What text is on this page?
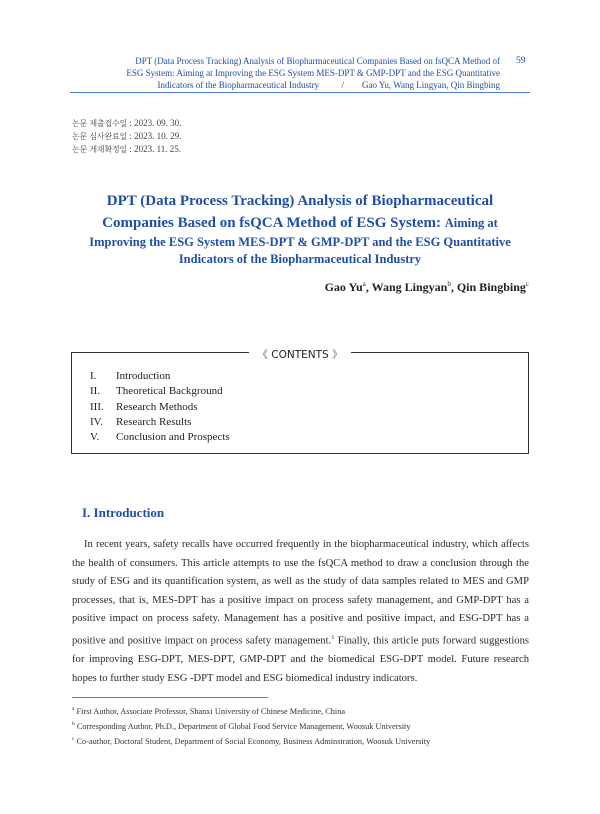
DPT (Data Process Tracking) Analysis of Biopharmaceutical Companies Based on fsQCA Method of
ESG System: Aiming at Improving the ESG System MES-DPT & GMP-DPT and the ESG Quantitative
Indicators of the Biopharmaceutical Industry          /        Gao Yu, Wang Lingyan, Qin Bingbing
59
논문 제출접수일 : 2023. 09. 30.
논문 심사완료일 : 2023. 10. 29.
논문 게재확정일 : 2023. 11. 25.
DPT (Data Process Tracking) Analysis of Biopharmaceutical
Companies Based on fsQCA Method of ESG System: Aiming at
Improving the ESG System MES-DPT & GMP-DPT and the ESG Quantitative
Indicators of the Biopharmaceutical Industry
Gao Yu$^a$, Wang Lingyan$^b$, Qin Bingbing$^c$
《 CONTENTS 》
I.	Introduction
II.	Theoretical Background
III.	Research Methods
IV.	Research Results
V.	Conclusion and Prospects
I. Introduction

In recent years, safety recalls have occurred frequently in the biopharmaceutical industry, which affects the health of consumers. This article attempts to use the fsQCA method to draw a conclusion through the study of ESG and its quantification system, as well as the study of data samples related to MES and GMP processes, that is, MES-DPT has a positive impact on process safety management, and GMP-DPT has a positive impact on process safety. Management has a positive and positive impact, and ESG-DPT has a positive and positive impact on process safety management.$^1$ Finally, this article puts forward suggestions for improving ESG-DPT, MES-DPT, GMP-DPT and the biomedical ESG-DPT model. Future research hopes to further study ESG -DPT model and ESG biomedical industry indicators.

$^a$ First Author, Associate Professor, Shanxi University of Chinese Medicine, China
$^b$ Corresponding Author, Ph.D., Department of Global Food Service Management, Woosuk University
$^c$ Co-author, Doctoral Student, Department of Social Economy, Business Adminstration, Woosuk University
